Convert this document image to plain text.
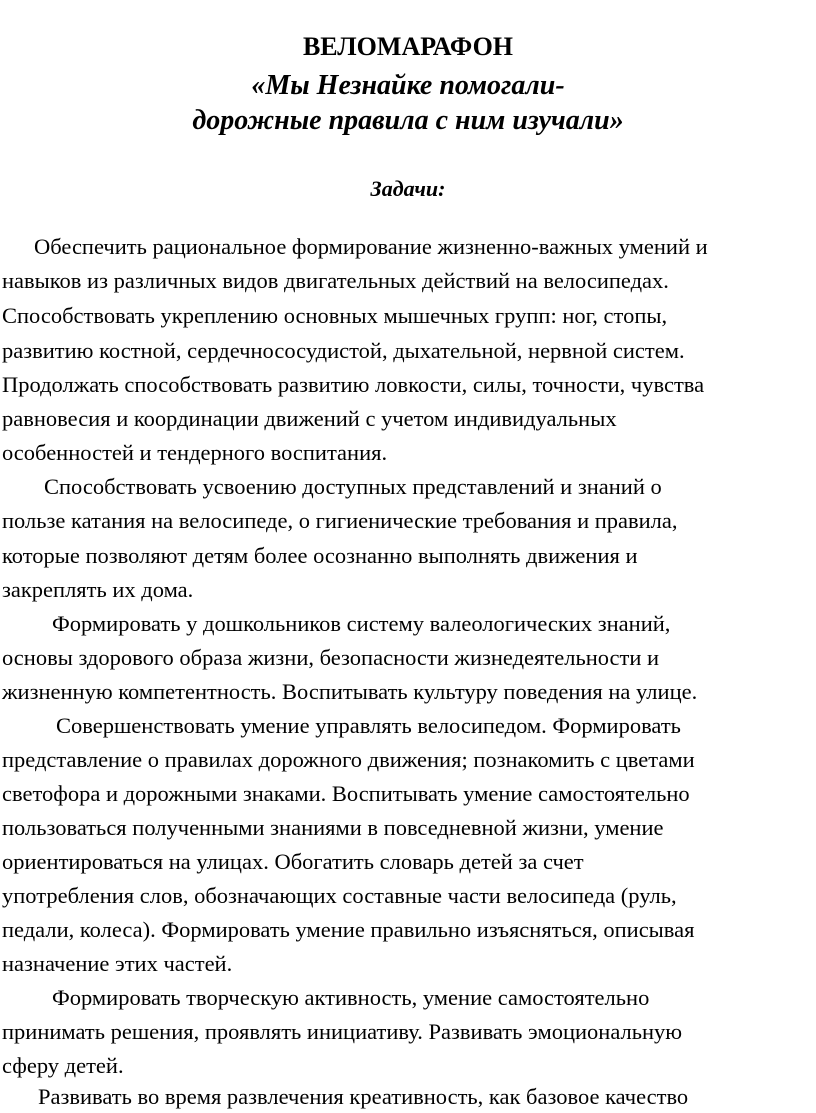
ВЕЛОМАРАФОН
«Мы Незнайке помогали-
дорожные правила с ним изучали»
Задачи:
Обеспечить рациональное формирование жизненно-важных умений и
навыков из различных видов двигательных действий на велосипедах.
Способствовать укреплению основных мышечных групп: ног, стопы,
развитию костной, сердечнососудистой, дыхательной, нервной систем.
Продолжать способствовать развитию ловкости, силы, точности, чувства
равновесия и координации движений с учетом индивидуальных
особенностей и тендерного воспитания.
Способствовать усвоению доступных представлений и знаний о
пользе катания на велосипеде, о гигиенические требования и правила,
которые позволяют детям более осознанно выполнять движения и
закреплять их дома.
Формировать у дошкольников систему валеологических знаний,
основы здорового образа жизни, безопасности жизнедеятельности и
жизненную компетентность. Воспитывать культуру поведения на улице.
Совершенствовать умение управлять велосипедом. Формировать
представление о правилах дорожного движения; познакомить с цветами
светофора и дорожными знаками. Воспитывать умение самостоятельно
пользоваться полученными знаниями в повседневной жизни, умение
ориентироваться на улицах. Обогатить словарь детей за счет
употребления слов, обозначающих составные части велосипеда (руль,
педали, колеса). Формировать умение правильно изъясняться, описывая
назначение этих частей.
Формировать творческую активность, умение самостоятельно
принимать решения, проявлять инициативу. Развивать эмоциональную
сферу детей.
Развивать во время развлечения креативность, как базовое качество
